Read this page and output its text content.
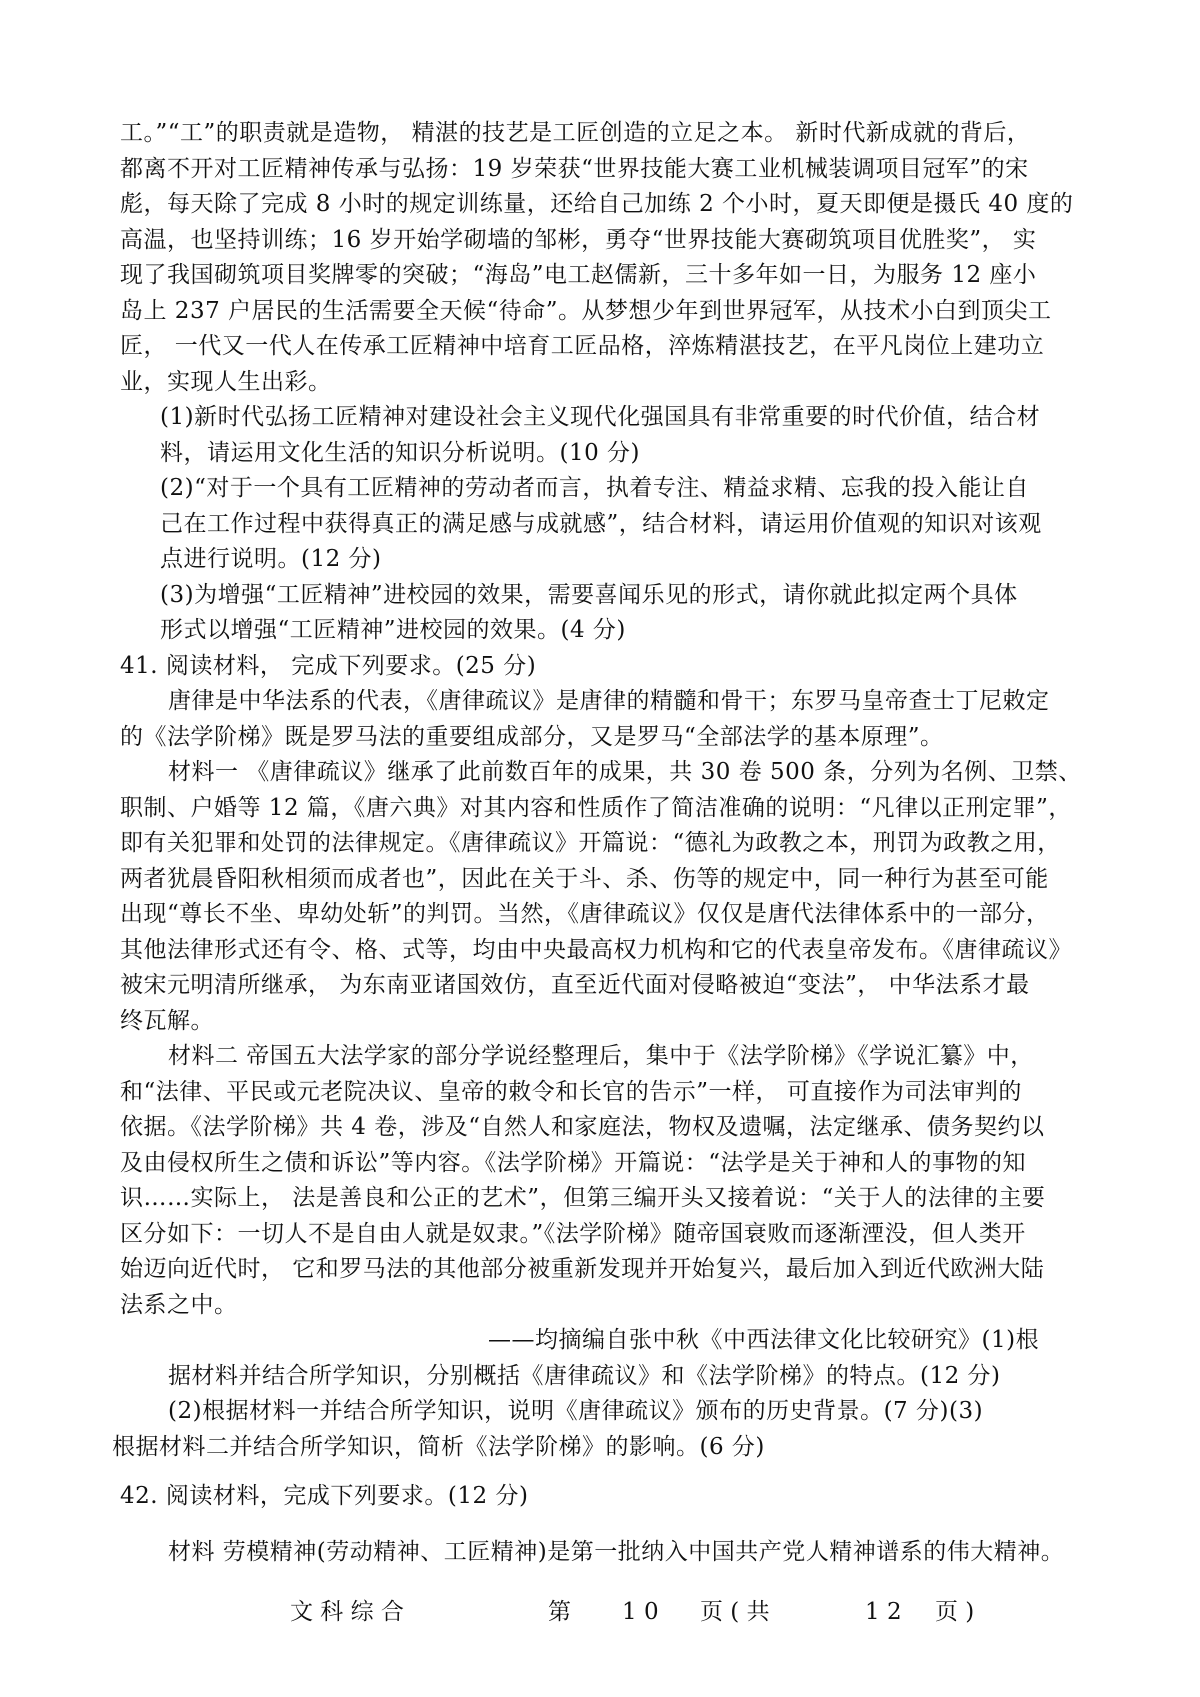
工。”“工”的职责就是造物， 精湛的技艺是工匠创造的立足之本。 新时代新成就的背后，
都离不开对工匠精神传承与弘扬：19 岁荣获“世界技能大赛工业机械装调项目冠军”的宋
彪，每天除了完成 8 小时的规定训练量，还给自己加练 2 个小时，夏天即便是摄氏 40 度的
高温，也坚持训练；16 岁开始学砌墙的邹彬，勇夺“世界技能大赛砌筑项目优胜奖”， 实
现了我国砌筑项目奖牌零的突破；“海岛”电工赵儒新，三十多年如一日，为服务 12 座小
岛上 237 户居民的生活需要全天候“待命”。从梦想少年到世界冠军，从技术小白到顶尖工
匠， 一代又一代人在传承工匠精神中培育工匠品格，淬炼精湛技艺，在平凡岗位上建功立
业，实现人生出彩。
(1)新时代弘扬工匠精神对建设社会主义现代化强国具有非常重要的时代价值，结合材
料，请运用文化生活的知识分析说明。(10 分)
(2)“对于一个具有工匠精神的劳动者而言，执着专注、精益求精、忘我的投入能让自
己在工作过程中获得真正的满足感与成就感”，结合材料，请运用价值观的知识对该观
点进行说明。(12 分)
(3)为增强“工匠精神”进校园的效果，需要喜闻乐见的形式，请你就此拟定两个具体
形式以增强“工匠精神”进校园的效果。(4 分)
41. 阅读材料， 完成下列要求。(25 分)
唐律是中华法系的代表，《唐律疏议》是唐律的精髓和骨干；东罗马皇帝查士丁尼敕定
的《法学阶梯》既是罗马法的重要组成部分，又是罗马“全部法学的基本原理”。
材料一 《唐律疏议》继承了此前数百年的成果，共 30 卷 500 条，分列为名例、卫禁、
职制、户婚等 12 篇，《唐六典》对其内容和性质作了简洁准确的说明：“凡律以正刑定罪”，
即有关犯罪和处罚的法律规定。《唐律疏议》开篇说：“德礼为政教之本，刑罚为政教之用，
两者犹晨昏阳秋相须而成者也”，因此在关于斗、杀、伤等的规定中，同一种行为甚至可能
出现“尊长不坐、卑幼处斩”的判罚。当然，《唐律疏议》仅仅是唐代法律体系中的一部分，
其他法律形式还有令、格、式等，均由中央最高权力机构和它的代表皇帝发布。《唐律疏议》
被宋元明清所继承， 为东南亚诸国效仿，直至近代面对侵略被迫“变法”， 中华法系才最
终瓦解。
材料二 帝国五大法学家的部分学说经整理后，集中于《法学阶梯》《学说汇纂》中，
和“法律、平民或元老院决议、皇帝的敕令和长官的告示”一样， 可直接作为司法审判的
依据。《法学阶梯》共 4 卷，涉及“自然人和家庭法，物权及遗嘱，法定继承、债务契约以
及由侵权所生之债和诉讼”等内容。《法学阶梯》开篇说：“法学是关于神和人的事物的知
识……实际上， 法是善良和公正的艺术”，但第三编开头又接着说：“关于人的法律的主要
区分如下：一切人不是自由人就是奴隶。”《法学阶梯》随帝国衰败而逐渐湮没，但人类开
始迈向近代时， 它和罗马法的其他部分被重新发现并开始复兴，最后加入到近代欧洲大陆
法系之中。
——均摘编自张中秋《中西法律文化比较研究》(1)根
据材料并结合所学知识，分别概括《唐律疏议》和《法学阶梯》的特点。(12 分)
(2)根据材料一并结合所学知识，说明《唐律疏议》颁布的历史背景。(7 分)(3)
根据材料二并结合所学知识，简析《法学阶梯》的影响。(6 分)
42. 阅读材料，完成下列要求。(12 分)
材料 劳模精神(劳动精神、工匠精神)是第一批纳入中国共产党人精神谱系的伟大精神。
文 科 综 合	第 1 0 页 ( 共	1 2 页 )
